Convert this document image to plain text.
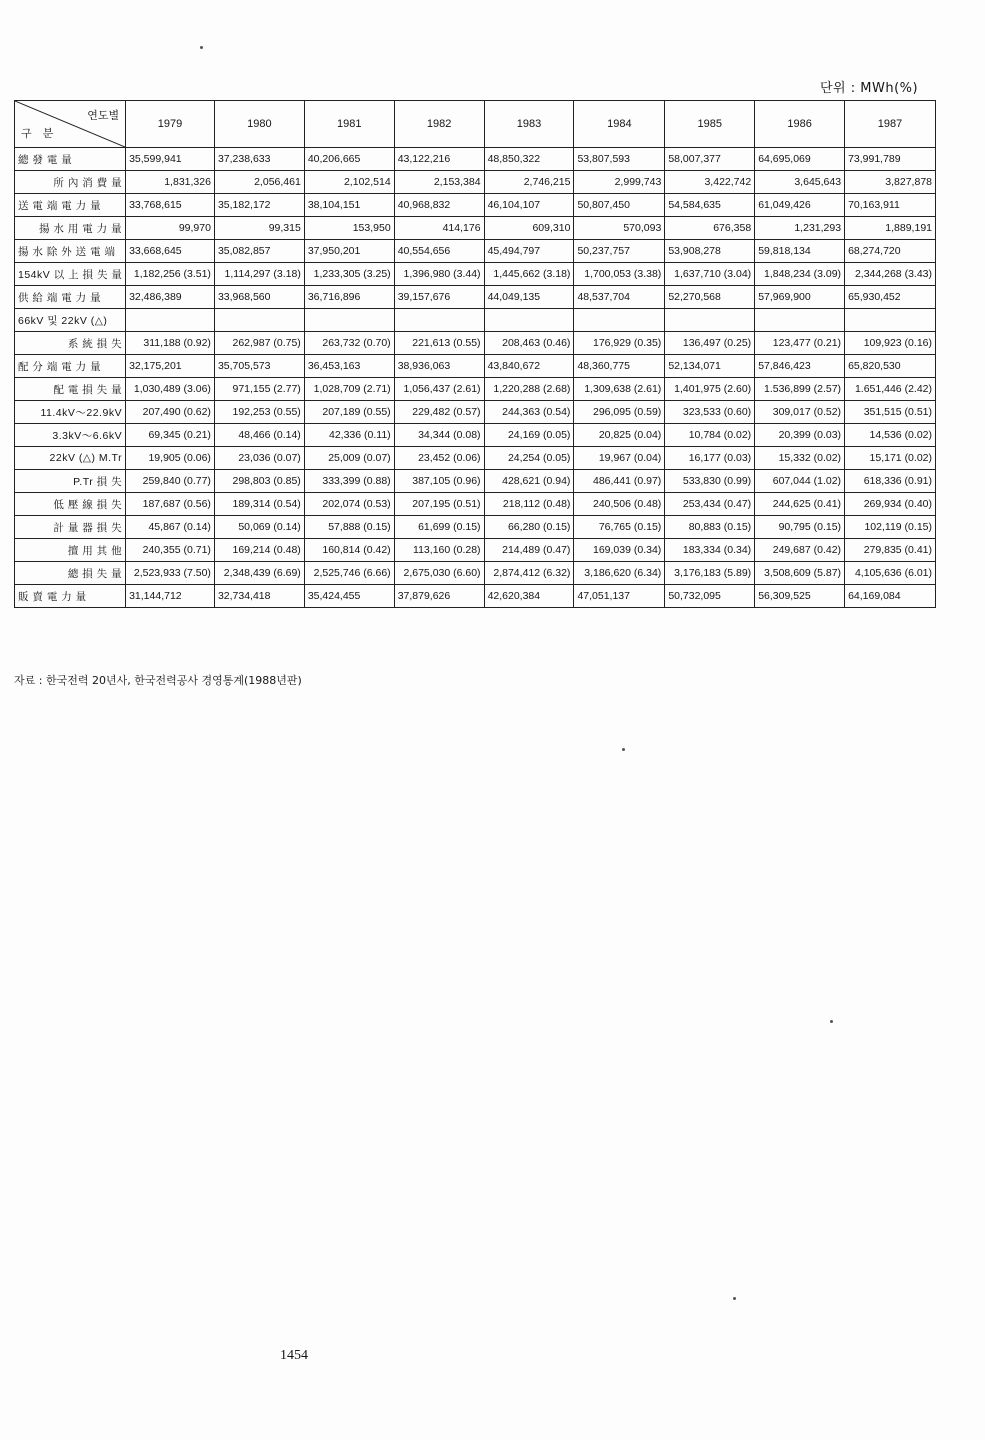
단위 : MWh(%)
연도별
구 분	1979	1980	1981	1982	1983	1984	1985	1986	1987
總 發 電 量	35,599,941	37,238,633	40,206,665	43,122,216	48,850,322	53,807,593	58,007,377	64,695,069	73,991,789
所 內 消 費 量	1,831,326	2,056,461	2,102,514	2,153,384	2,746,215	2,999,743	3,422,742	3,645,643	3,827,878
送 電 端 電 力 量	33,768,615	35,182,172	38,104,151	40,968,832	46,104,107	50,807,450	54,584,635	61,049,426	70,163,911
揚 水 用 電 力 量	99,970	99,315	153,950	414,176	609,310	570,093	676,358	1,231,293	1,889,191
揚 水 除 外 送 電 端	33,668,645	35,082,857	37,950,201	40,554,656	45,494,797	50,237,757	53,908,278	59,818,134	68,274,720
154kV 以 上 損 失 量	1,182,256 (3.51)	1,114,297 (3.18)	1,233,305 (3.25)	1,396,980 (3.44)	1,445,662 (3.18)	1,700,053 (3.38)	1,637,710 (3.04)	1,848,234 (3.09)	2,344,268 (3.43)
供 給 端 電 力 量	32,486,389	33,968,560	36,716,896	39,157,676	44,049,135	48,537,704	52,270,568	57,969,900	65,930,452
66kV 및 22kV (△)									
系 統 損 失	311,188 (0.92)	262,987 (0.75)	263,732 (0.70)	221,613 (0.55)	208,463 (0.46)	176,929 (0.35)	136,497 (0.25)	123,477 (0.21)	109,923 (0.16)
配 分 端 電 力 量	32,175,201	35,705,573	36,453,163	38,936,063	43,840,672	48,360,775	52,134,071	57,846,423	65,820,530
配 電 損 失 量	1,030,489 (3.06)	971,155 (2.77)	1,028,709 (2.71)	1,056,437 (2.61)	1,220,288 (2.68)	1,309,638 (2.61)	1,401,975 (2.60)	1.536,899 (2.57)	1.651,446 (2.42)
11.4kV～22.9kV	207,490 (0.62)	192,253 (0.55)	207,189 (0.55)	229,482 (0.57)	244,363 (0.54)	296,095 (0.59)	323,533 (0.60)	309,017 (0.52)	351,515 (0.51)
3.3kV～6.6kV	69,345 (0.21)	48,466 (0.14)	42,336 (0.11)	34,344 (0.08)	24,169 (0.05)	20,825 (0.04)	10,784 (0.02)	20,399 (0.03)	14,536 (0.02)
22kV (△) M.Tr	19,905 (0.06)	23,036 (0.07)	25,009 (0.07)	23,452 (0.06)	24,254 (0.05)	19,967 (0.04)	16,177 (0.03)	15,332 (0.02)	15,171 (0.02)
P.Tr 損 失	259,840 (0.77)	298,803 (0.85)	333,399 (0.88)	387,105 (0.96)	428,621 (0.94)	486,441 (0.97)	533,830 (0.99)	607,044 (1.02)	618,336 (0.91)
低 壓 線 損 失	187,687 (0.56)	189,314 (0.54)	202,074 (0.53)	207,195 (0.51)	218,112 (0.48)	240,506 (0.48)	253,434 (0.47)	244,625 (0.41)	269,934 (0.40)
計 量 器 損 失	45,867 (0.14)	50,069 (0.14)	57,888 (0.15)	61,699 (0.15)	66,280 (0.15)	76,765 (0.15)	80,883 (0.15)	90,795 (0.15)	102,119 (0.15)
擅 用 其 他	240,355 (0.71)	169,214 (0.48)	160,814 (0.42)	113,160 (0.28)	214,489 (0.47)	169,039 (0.34)	183,334 (0.34)	249,687 (0.42)	279,835 (0.41)
總 損 失 量	2,523,933 (7.50)	2,348,439 (6.69)	2,525,746 (6.66)	2,675,030 (6.60)	2,874,412 (6.32)	3,186,620 (6.34)	3,176,183 (5.89)	3,508,609 (5.87)	4,105,636 (6.01)
販 賣 電 力 量	31,144,712	32,734,418	35,424,455	37,879,626	42,620,384	47,051,137	50,732,095	56,309,525	64,169,084
자료 : 한국전력 20년사, 한국전력공사 경영통계(1988년판)
1454
